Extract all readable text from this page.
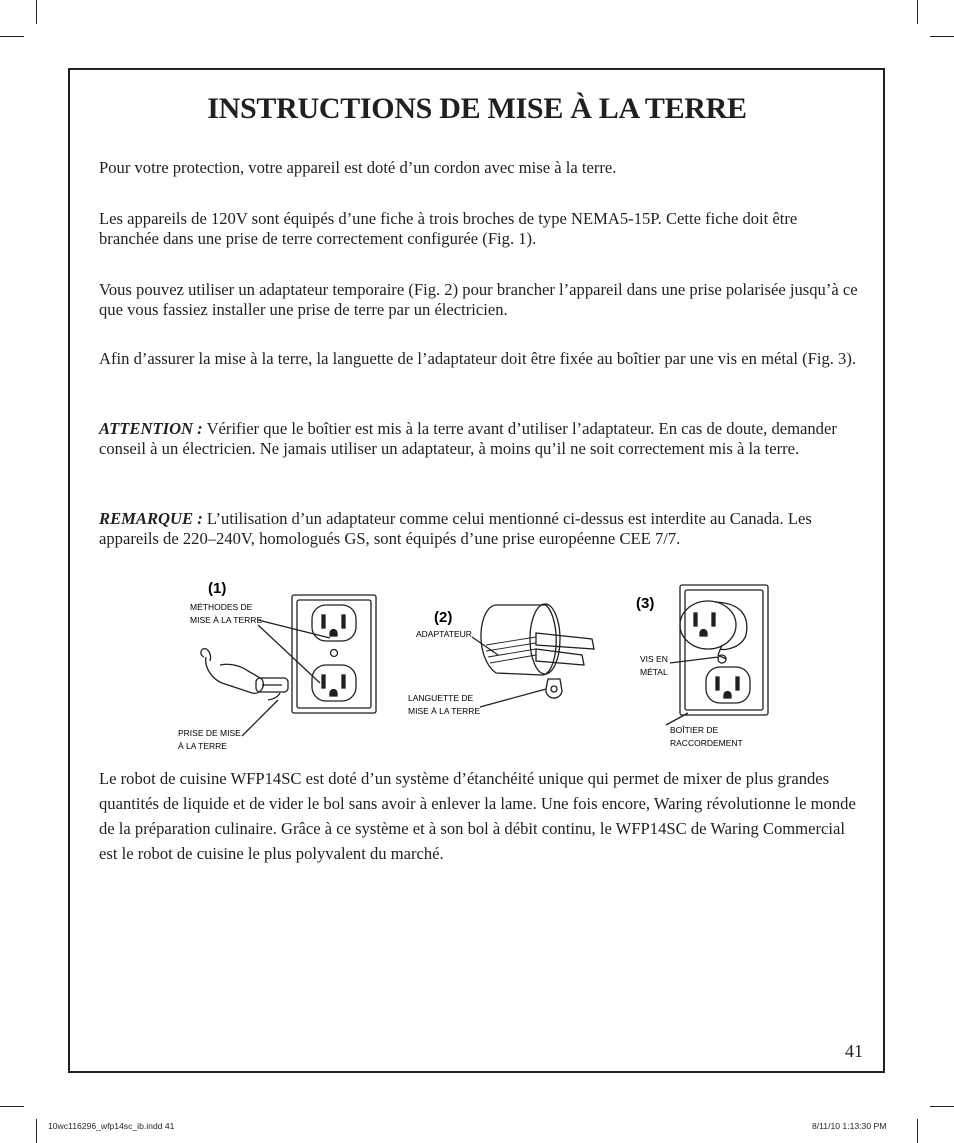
INSTRUCTIONS DE MISE À LA TERRE

Pour votre protection, votre appareil est doté d’un cordon avec mise à la terre.

Les appareils de 120V sont équipés d’une fiche à trois broches de type NEMA5-15P. Cette fiche doit être branchée dans une prise de terre correctement configurée (Fig. 1).

Vous pouvez utiliser un adaptateur temporaire (Fig. 2) pour brancher l’appareil dans une prise polarisée jusqu’à ce que vous fassiez installer une prise de terre par un électricien.

Afin d’assurer la mise à la terre, la languette de l’adaptateur doit être fixée au boîtier par une vis en métal (Fig. 3).

ATTENTION : Vérifier que le boîtier est mis à la terre avant d’utiliser l’adaptateur. En cas de doute, demander conseil à un électricien. Ne jamais utiliser un adaptateur, à moins qu’il ne soit correctement mis à la terre.

REMARQUE : L’utilisation d’un adaptateur comme celui mentionné ci-dessus est interdite au Canada. Les appareils de 220–240V, homologués GS, sont équipés d’une prise européenne CEE 7/7.

(1)
MÉTHODES DE
MISE À LA TERRE
PRISE DE MISE
À LA TERRE
(2)
ADAPTATEUR
LANGUETTE DE
MISE À LA TERRE
(3)
VIS EN
MÉTAL
BOÎTIER DE
RACCORDEMENT

Le robot de cuisine WFP14SC est doté d’un système d’étanchéité unique qui permet de mixer de plus grandes quantités de liquide et de vider le bol sans avoir à enlever la lame. Une fois encore, Waring révolutionne le monde de la préparation culinaire. Grâce à ce système et à son bol à débit continu, le WFP14SC de Waring Commercial est le robot de cuisine le plus polyvalent du marché.

41
10wc116296_wfp14sc_ib.indd 41	8/11/10 1:13:30 PM
